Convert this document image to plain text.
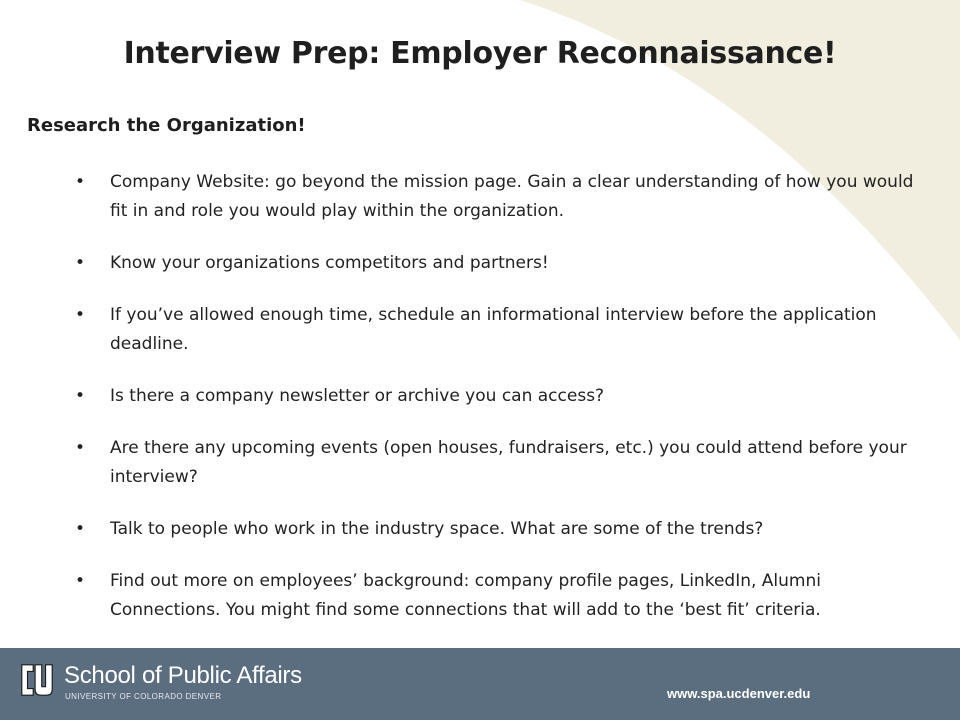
Interview Prep: Employer Reconnaissance!
Research the Organization!
• Company Website: go beyond the mission page. Gain a clear understanding of how you would fit in and role you would play within the organization.
• Know your organizations competitors and partners!
• If you’ve allowed enough time, schedule an informational interview before the application deadline.
• Is there a company newsletter or archive you can access?
• Are there any upcoming events (open houses, fundraisers, etc.) you could attend before your interview?
• Talk to people who work in the industry space. What are some of the trends?
• Find out more on employees’ background: company profile pages, LinkedIn, Alumni Connections. You might find some connections that will add to the ‘best fit’ criteria.
School of Public Affairs
UNIVERSITY OF COLORADO DENVER	www.spa.ucdenver.edu
